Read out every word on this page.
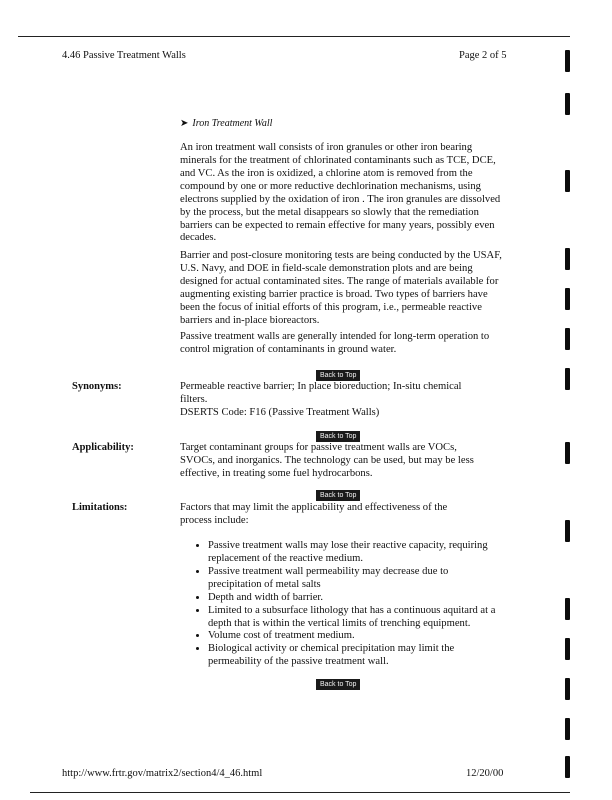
4.46 Passive Treatment Walls	Page 2 of 5
➤ Iron Treatment Wall

An iron treatment wall consists of iron granules or other iron bearing minerals for the treatment of chlorinated contaminants such as TCE, DCE, and VC. As the iron is oxidized, a chlorine atom is removed from the compound by one or more reductive dechlorination mechanisms, using electrons supplied by the oxidation of iron . The iron granules are dissolved by the process, but the metal disappears so slowly that the remediation barriers can be expected to remain effective for many years, possibly even decades.

Barrier and post-closure monitoring tests are being conducted by the USAF, U.S. Navy, and DOE in field-scale demonstration plots and are being designed for actual contaminated sites. The range of materials available for augmenting existing barrier practice is broad. Two types of barriers have been the focus of initial efforts of this program, i.e., permeable reactive barriers and in-place bioreactors.

Passive treatment walls are generally intended for long-term operation to control migration of contaminants in ground water.

Back to Top
Synonyms:	Permeable reactive barrier; In place bioreduction; In-situ chemical filters.
DSERTS Code: F16 (Passive Treatment Walls)
Back to Top
Applicability:	Target contaminant groups for passive treatment walls are VOCs, SVOCs, and inorganics. The technology can be used, but may be less effective, in treating some fuel hydrocarbons.
Back to Top
Limitations:	Factors that may limit the applicability and effectiveness of the process include:
• Passive treatment walls may lose their reactive capacity, requiring replacement of the reactive medium.
• Passive treatment wall permeability may decrease due to precipitation of metal salts
• Depth and width of barrier.
• Limited to a subsurface lithology that has a continuous aquitard at a depth that is within the vertical limits of trenching equipment.
• Volume cost of treatment medium.
• Biological activity or chemical precipitation may limit the permeability of the passive treatment wall.
Back to Top
http://www.frtr.gov/matrix2/section4/4_46.html	12/20/00
